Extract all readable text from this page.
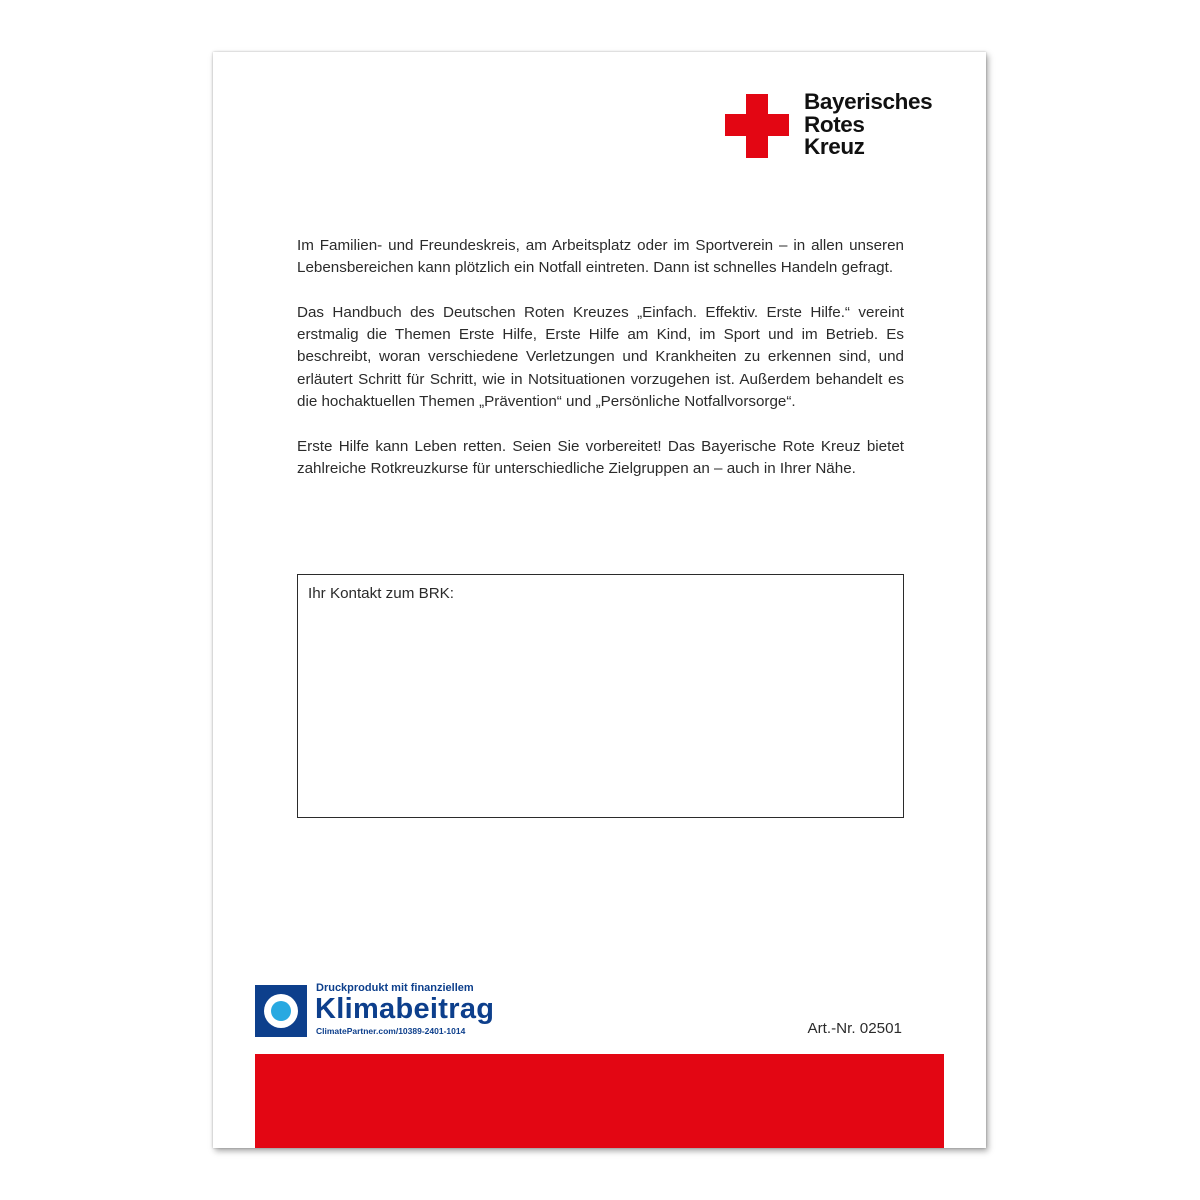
Bayerisches
Rotes
Kreuz

Im Familien- und Freundeskreis, am Arbeitsplatz oder im Sportverein – in allen unseren Lebensbereichen kann plötzlich ein Notfall eintreten. Dann ist schnelles Handeln gefragt.

Das Handbuch des Deutschen Roten Kreuzes „Einfach. Effektiv. Erste Hilfe.“ vereint erstmalig die Themen Erste Hilfe, Erste Hilfe am Kind, im Sport und im Betrieb. Es beschreibt, woran verschiedene Verletzungen und Krankheiten zu erkennen sind, und erläutert Schritt für Schritt, wie in Notsituationen vorzugehen ist. Außerdem behandelt es die hochaktuellen Themen „Prävention“ und „Persönliche Notfallvorsorge“.

Erste Hilfe kann Leben retten. Seien Sie vorbereitet! Das Bayerische Rote Kreuz bietet zahlreiche Rotkreuzkurse für unterschiedliche Zielgruppen an – auch in Ihrer Nähe.

Ihr Kontakt zum BRK:
Druckprodukt mit finanziellem
Klimabeitrag
ClimatePartner.com/10389-2401-1014	Art.-Nr. 02501
